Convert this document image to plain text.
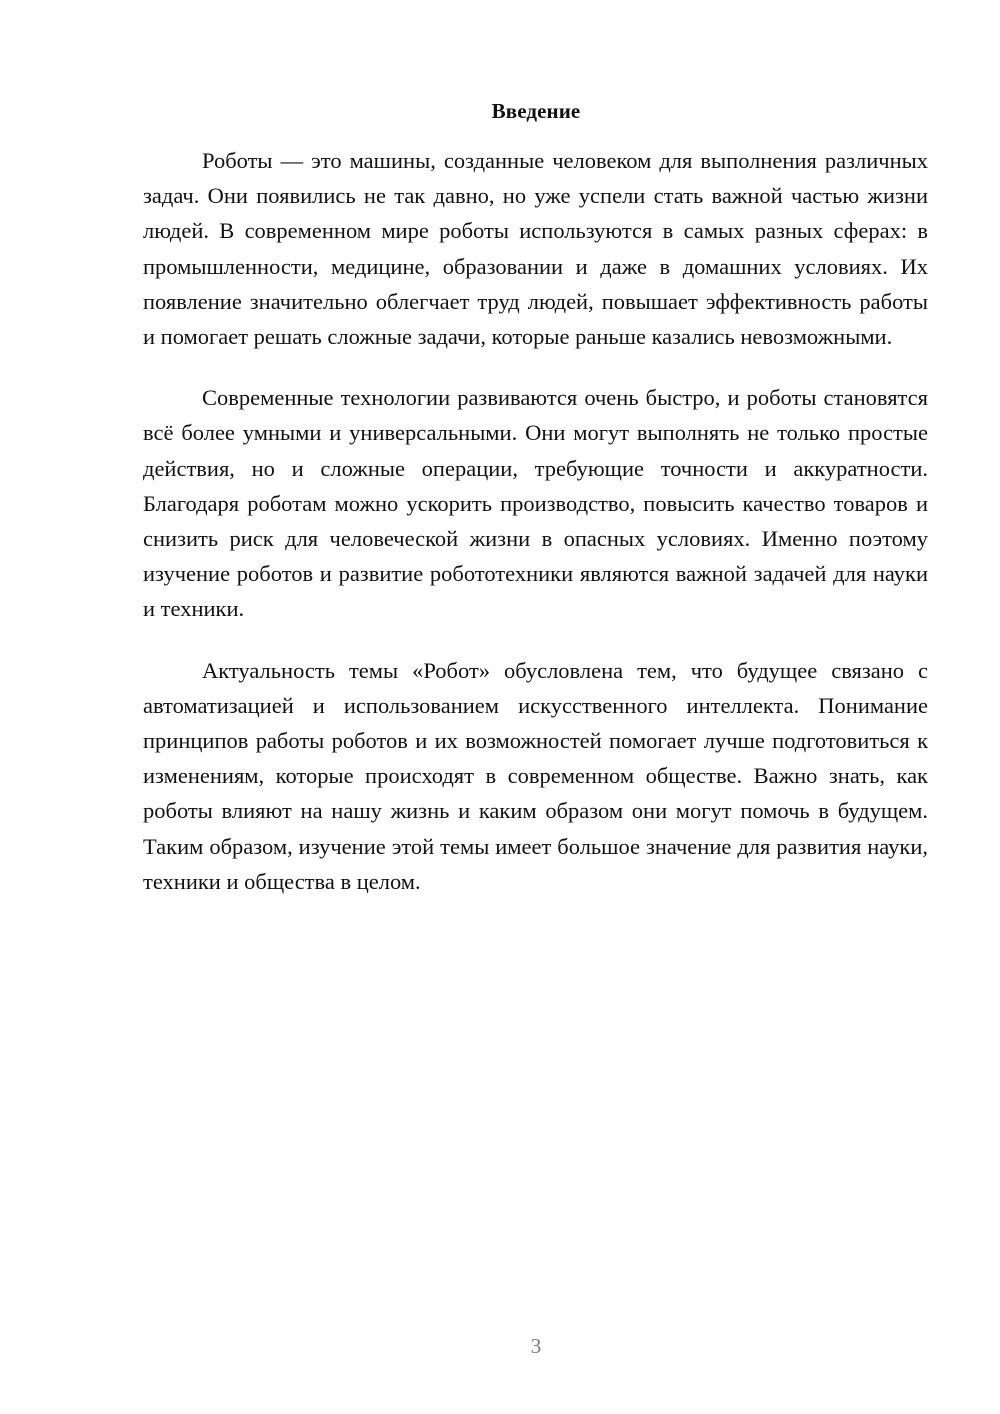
Введение

Роботы — это машины, созданные человеком для выполнения различных задач. Они появились не так давно, но уже успели стать важной частью жизни людей. В современном мире роботы используются в самых разных сферах: в промышленности, медицине, образовании и даже в домашних условиях. Их появление значительно облегчает труд людей, повышает эффективность работы и помогает решать сложные задачи, которые раньше казались невозможными.

Современные технологии развиваются очень быстро, и роботы становятся всё более умными и универсальными. Они могут выполнять не только простые действия, но и сложные операции, требующие точности и аккуратности. Благодаря роботам можно ускорить производство, повысить качество товаров и снизить риск для человеческой жизни в опасных условиях. Именно поэтому изучение роботов и развитие робототехники являются важной задачей для науки и техники.

Актуальность темы «Робот» обусловлена тем, что будущее связано с автоматизацией и использованием искусственного интеллекта. Понимание принципов работы роботов и их возможностей помогает лучше подготовиться к изменениям, которые происходят в современном обществе. Важно знать, как роботы влияют на нашу жизнь и каким образом они могут помочь в будущем. Таким образом, изучение этой темы имеет большое значение для развития науки, техники и общества в целом.

3
